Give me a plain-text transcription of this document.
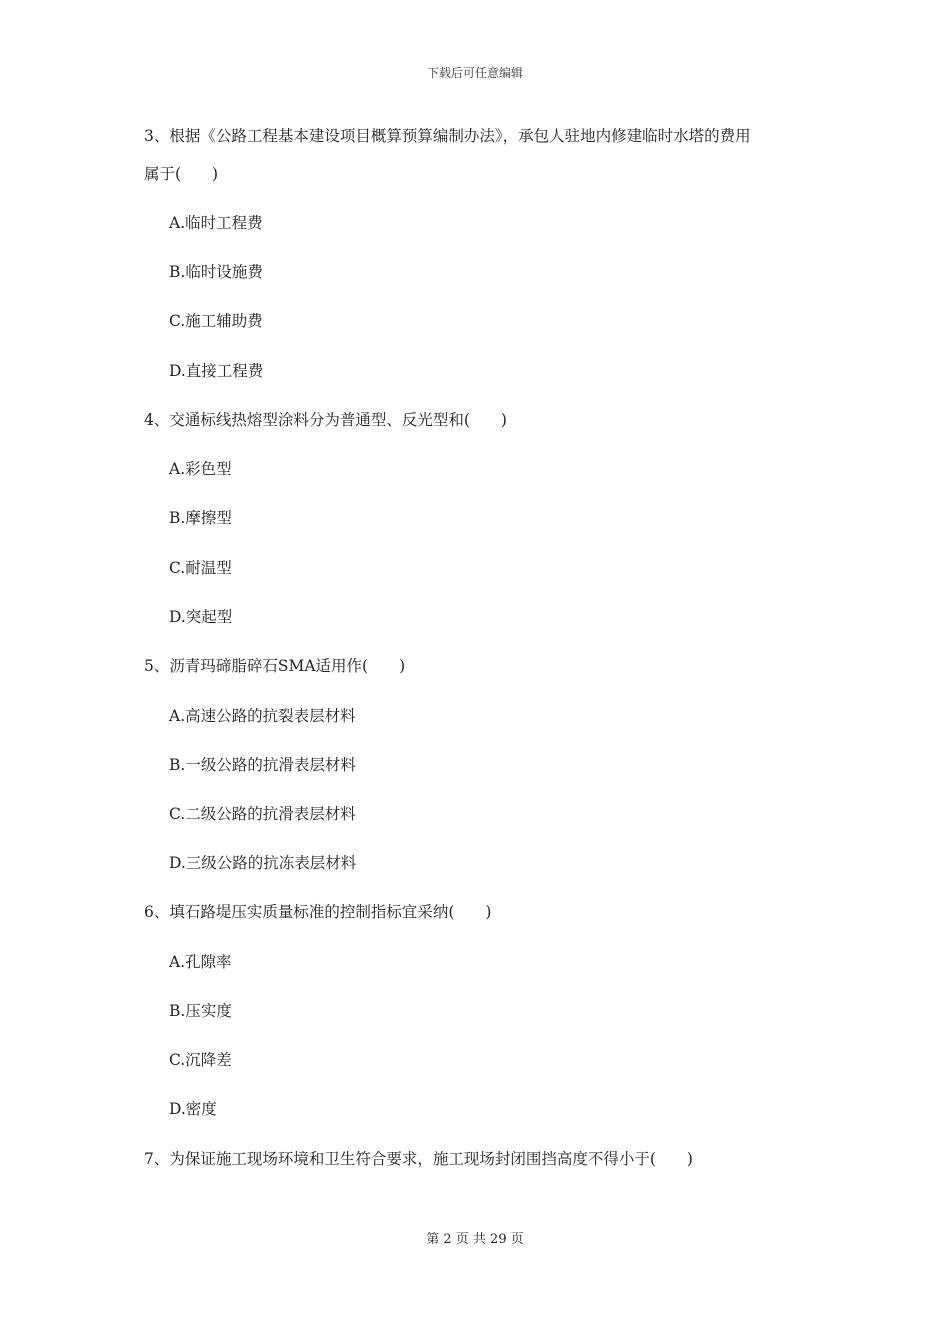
下载后可任意编辑
3、根据《公路工程基本建设项目概算预算编制办法》，承包人驻地内修建临时水塔的费用
属于(　　)
A.临时工程费
B.临时设施费
C.施工辅助费
D.直接工程费
4、交通标线热熔型涂料分为普通型、反光型和(　　)
A.彩色型
B.摩擦型
C.耐温型
D.突起型
5、沥青玛碲脂碎石SMA适用作(　　)
A.高速公路的抗裂表层材料
B.一级公路的抗滑表层材料
C.二级公路的抗滑表层材料
D.三级公路的抗冻表层材料
6、填石路堤压实质量标准的控制指标宜采纳(　　)
A.孔隙率
B.压实度
C.沉降差
D.密度
7、为保证施工现场环境和卫生符合要求，施工现场封闭围挡高度不得小于(　　)
第 2 页 共 29 页
